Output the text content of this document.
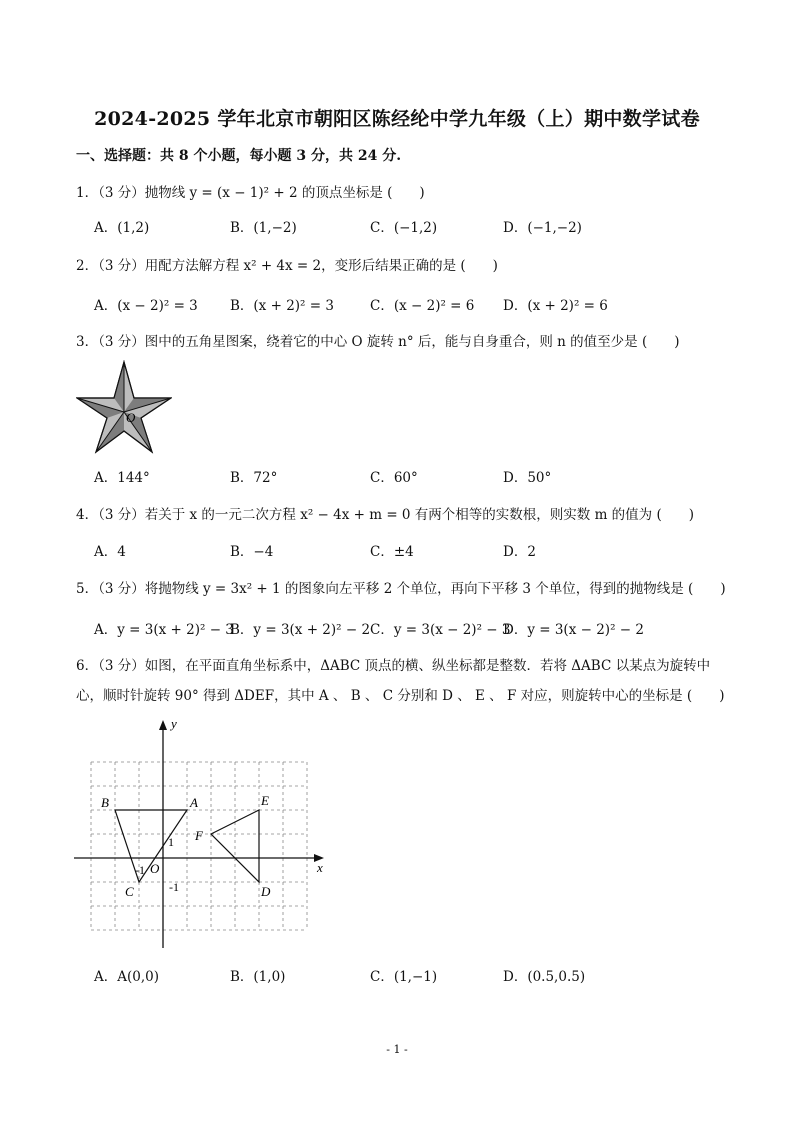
2024-2025 学年北京市朝阳区陈经纶中学九年级（上）期中数学试卷
一、选择题：共 8 个小题，每小题 3 分，共 24 分.
1．（3 分）抛物线 y = (x − 1)² + 2 的顶点坐标是 (　　)
A．(1,2)	B．(1,−2)	C．(−1,2)	D．(−1,−2)
2．（3 分）用配方法解方程 x² + 4x = 2，变形后结果正确的是 (　　)
A．(x − 2)² = 3 B．(x + 2)² = 3	C．(x − 2)² = 6 D．(x + 2)² = 6
3．（3 分）图中的五角星图案，绕着它的中心 O 旋转 n° 后，能与自身重合，则 n 的值至少是 (　　)
O
A．144°	B．72°	C．60°	D．50°
4．（3 分）若关于 x 的一元二次方程 x² − 4x + m = 0 有两个相等的实数根，则实数 m 的值为 (　　)
A．4	B．−4	C．±4	D．2
5．（3 分）将抛物线 y = 3x² + 1 的图象向左平移 2 个单位，再向下平移 3 个单位，得到的抛物线是 (　　)
A．y = 3(x + 2)² − 3
B．y = 3(x + 2)² − 2 C．y = 3(x − 2)² − 3
D．y = 3(x − 2)² − 2
6．（3 分）如图，在平面直角坐标系中，ΔABC 顶点的横、纵坐标都是整数．若将 ΔABC 以某点为旋转中
心，顺时针旋转 90° 得到 ΔDEF，其中 A 、 B 、 C 分别和 D 、 E 、 F 对应，则旋转中心的坐标是 (　　)
x
y
O
1
-1
-1
A
B
C	D
E
F
A．A(0,0)	B．(1,0)	C．(1,−1)	D．(0.5,0.5)
- 1 -
